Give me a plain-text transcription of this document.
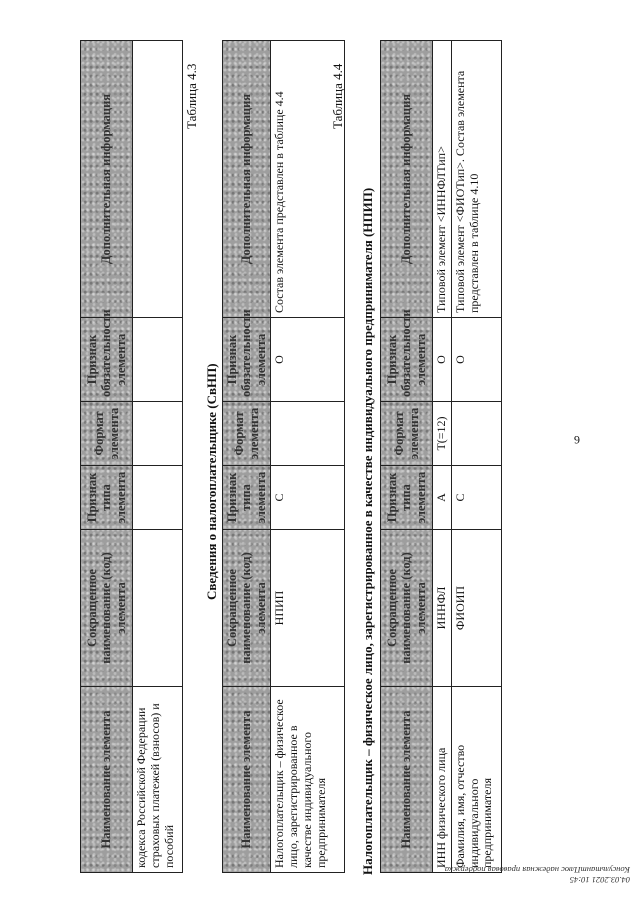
Наименование элемента	Сокращенное наименование (код) элемента	Признак типа элемента	Формат элемента	Признак обязательности элемента	Дополнительная информация
кодекса Российской Федерации страховых платежей (взносов) и пособий					
Таблица 4.3
Наименование элемента	Сокращенное наименование (код) элемента	Признак типа элемента	Формат элемента	Признак обязательности элемента	Дополнительная информация
Налогоплательщик – физическое лицо, зарегистрированное в качестве индивидуального предпринимателя	НПИП	С		О	Состав элемента представлен в таблице 4.4
Сведения о налогоплательщике (СвНП)
Таблица 4.4
Налогоплательщик – физическое лицо, зарегистрированное в качестве индивидуального предпринимателя (НПИП) Наименование элемента	Сокращенное наименование (код) элемента	Признак типа элемента	Формат элемента	Признак обязательности элемента	Дополнительная информация
ИНН физического лица	ИННФЛ	А	T(=12)	О	Типовой элемент <ИННФЛТип>
Фамилия, имя, отчество индивидуального предпринимателя	ФИОИП	С		О	Типовой элемент <ФИОТип>. Состав элемента представлен в таблице 4.10
6
04.03.2021 10:45
КонсультантПлюс надежная правовая поддержка
